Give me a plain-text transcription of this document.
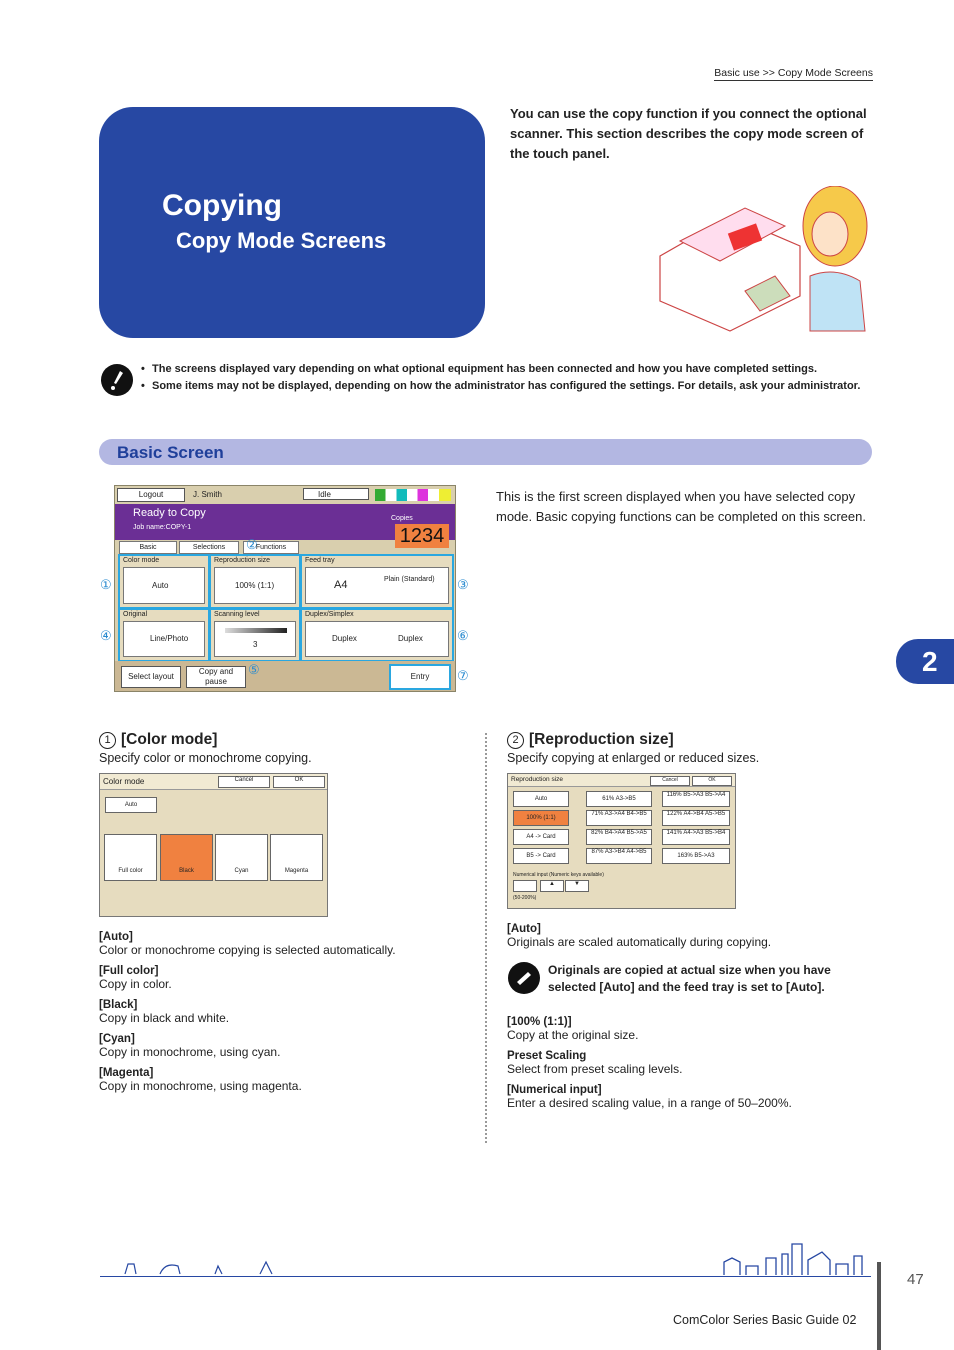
Basic use >> Copy Mode Screens
Copying
Copy Mode Screens
You can use the copy function if you connect the optional scanner. This section describes the copy mode screen of the touch panel.
• The screens displayed vary depending on what optional equipment has been connected and how you have completed settings.
• Some items may not be displayed, depending on how the administrator has configured the settings. For details, ask your administrator.
Basic Screen
Logout	J. Smith	Idle
Ready to Copy
Job name:COPY-1
Copies
1234
Basic	Selections	Functions
Color mode
Auto
Reproduction size
100% (1:1)
Feed tray
A4	Plain (Standard)
Original
Line/Photo
Scanning level
3
Duplex/Simplex
Duplex	Duplex
Select layout
Copy and pause
Entry
①
②
③
④
⑤
⑥
⑦
This is the first screen displayed when you have selected copy mode. Basic copying functions can be completed on this screen.
2
1 [Color mode]
Specify color or monochrome copying.
Color mode	Cancel	OK
Auto
Full color	Black	Cyan	Magenta
[Auto]
Color or monochrome copying is selected automatically.
[Full color]
Copy in color.
[Black]
Copy in black and white.
[Cyan]
Copy in monochrome, using cyan.
[Magenta]
Copy in monochrome, using magenta.
2 [Reproduction size]
Specify copying at enlarged or reduced sizes.
Reproduction size	Cancel	OK
Auto
100% (1:1)
A4 -> Card
B5 -> Card
61% A3->B5
71% A3->A4 B4->B5
82% B4->A4 B5->A5
87% A3->B4 A4->B5
116% B5->A3 B5->A4
122% A4->B4 A5->B5
141% A4->A3 B5->B4
163% B5->A3
Numerical input (Numeric keys available)
▲	▼
(50-200%)
[Auto]
Originals are scaled automatically during copying.
Originals are copied at actual size when you have selected [Auto] and the feed tray is set to [Auto].
[100% (1:1)]
Copy at the original size.
Preset Scaling
Select from preset scaling levels.
[Numerical input]
Enter a desired scaling value, in a range of 50–200%.
47
ComColor Series Basic Guide 02
